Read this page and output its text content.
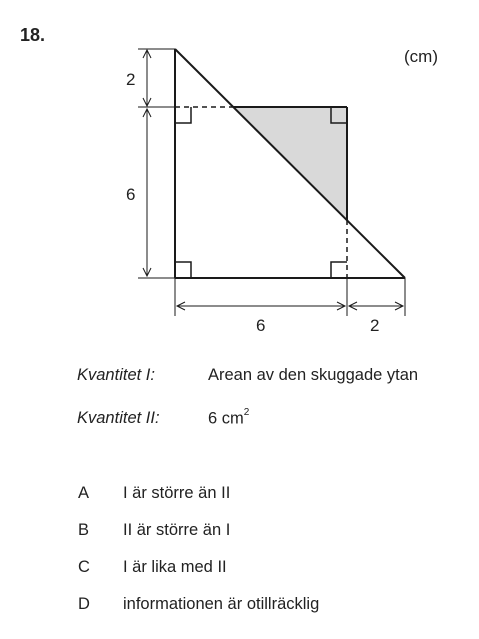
18.
(cm)
2
6
6	2
Kvantitet I:	Arean av den skuggade ytan
Kvantitet II:	6 $cm^2$
A	I är större än II
B	II är större än I
C	I är lika med II
D	informationen är otillräcklig
